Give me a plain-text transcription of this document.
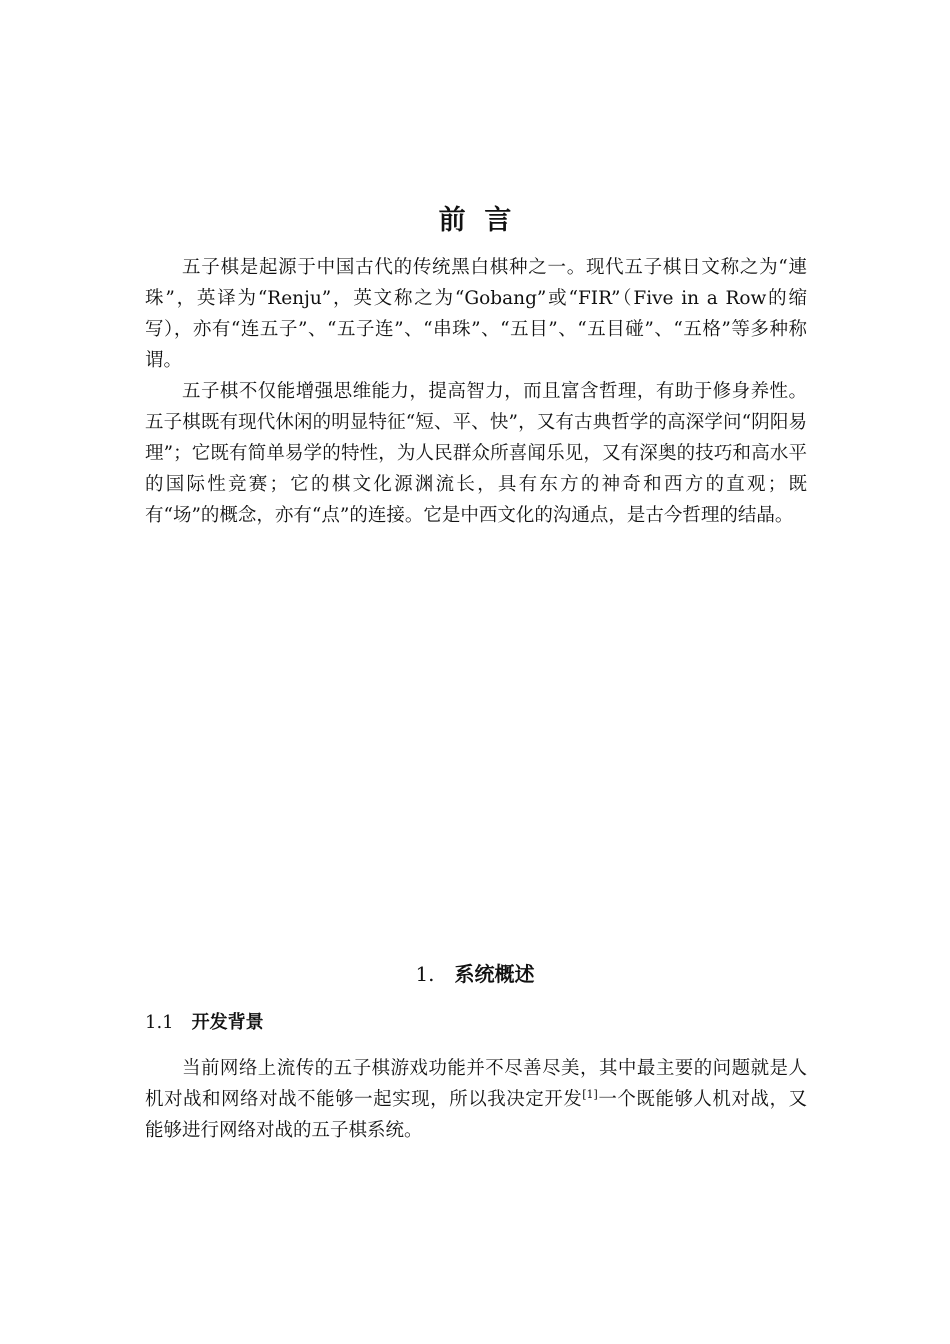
前  言

五子棋是起源于中国古代的传统黑白棋种之一。现代五子棋日文称之为“連珠”，英译为“Renju”，英文称之为“Gobang”或“FIR”（Five in a Row的缩写），亦有“连五子”、“五子连”、“串珠”、“五目”、“五目碰”、“五格”等多种称谓。

五子棋不仅能增强思维能力，提高智力，而且富含哲理，有助于修身养性。五子棋既有现代休闲的明显特征“短、平、快”，又有古典哲学的高深学问“阴阳易理”；它既有简单易学的特性，为人民群众所喜闻乐见，又有深奥的技巧和高水平的国际性竞赛；它的棋文化源渊流长，具有东方的神奇和西方的直观；既有“场”的概念，亦有“点”的连接。它是中西文化的沟通点，是古今哲理的结晶。

1. 系统概述
1.1 开发背景

当前网络上流传的五子棋游戏功能并不尽善尽美，其中最主要的问题就是人机对战和网络对战不能够一起实现，所以我决定开发[1]一个既能够人机对战，又能够进行网络对战的五子棋系统。
